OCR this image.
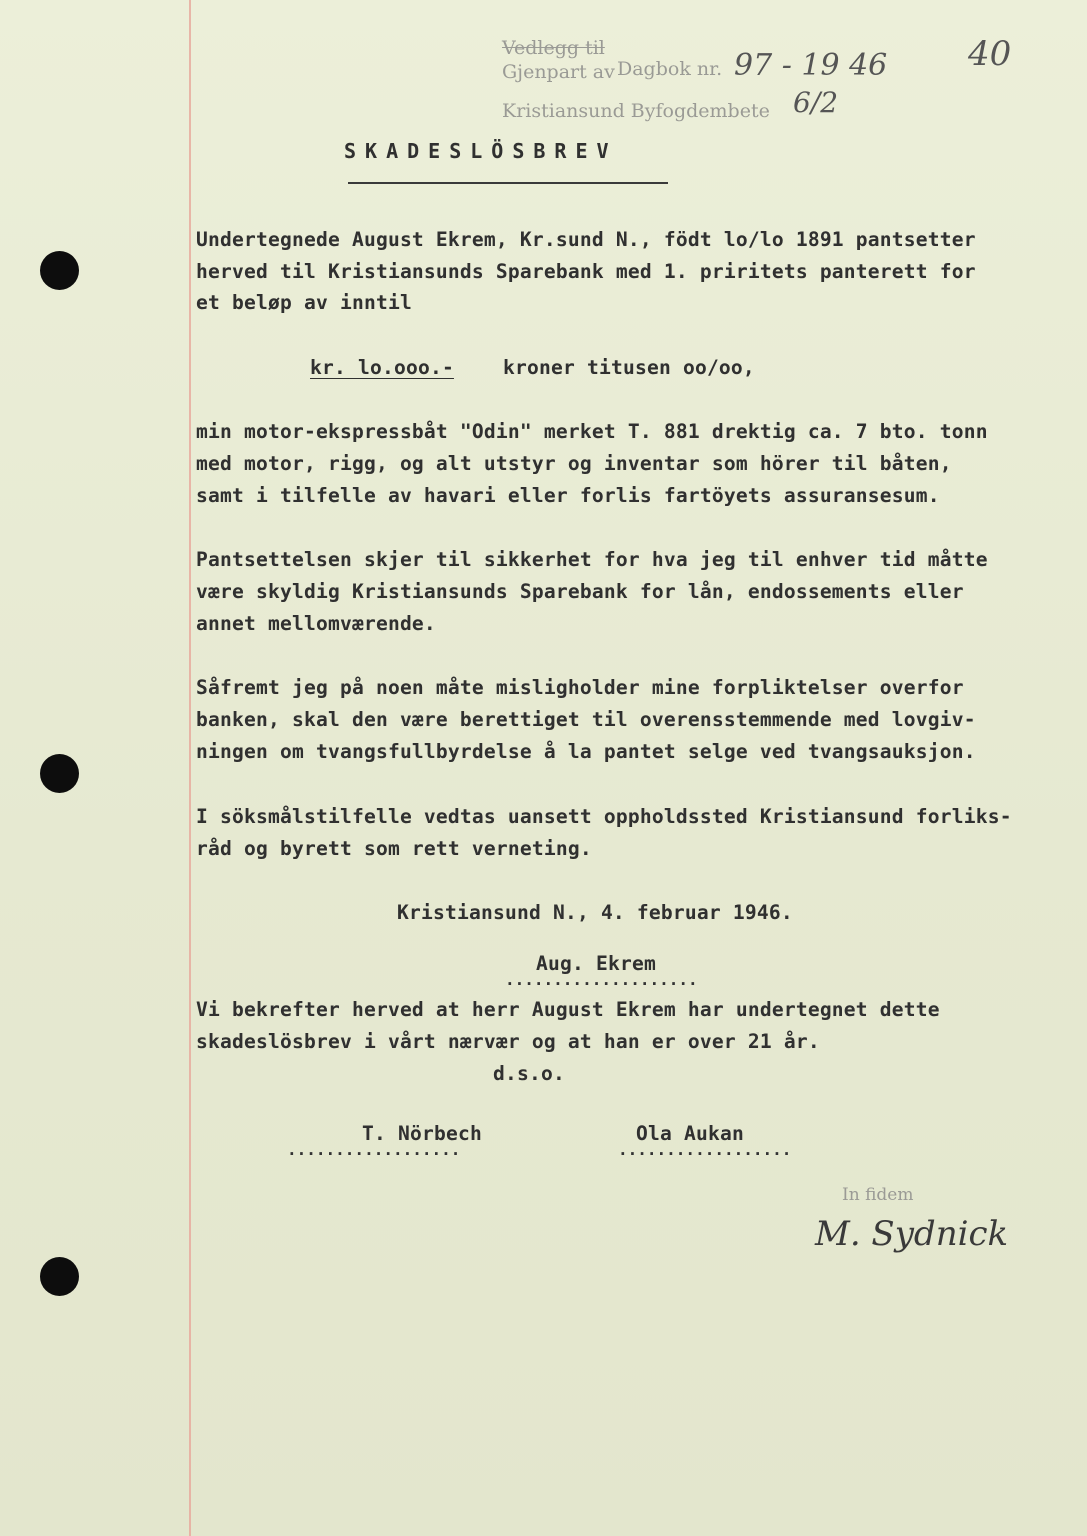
Vedlegg til
Gjenpart av Dagbok nr.
Kristiansund Byfogdembete
97 - 19 46
6/2
40
SKADESLÖSBREV
Undertegnede August Ekrem, Kr.sund N., födt lo/lo 1891 pantsetter
herved til Kristiansunds Sparebank med 1. priritets panterett for
et beløp av inntil
kr. lo.ooo.-	kroner titusen oo/oo,
min motor-ekspressbåt "Odin" merket T. 881 drektig ca. 7 bto. tonn
med motor, rigg, og alt utstyr og inventar som hörer til båten,
samt i tilfelle av havari eller forlis fartöyets assuransesum.
Pantsettelsen skjer til sikkerhet for hva jeg til enhver tid måtte
være skyldig Kristiansunds Sparebank for lån, endossements eller
annet mellomværende.
Såfremt jeg på noen måte misligholder mine forpliktelser overfor
banken, skal den være berettiget til overensstemmende med lovgiv-
ningen om tvangsfullbyrdelse å la pantet selge ved tvangsauksjon.
I söksmålstilfelle vedtas uansett oppholdssted Kristiansund forliks-
råd og byrett som rett verneting.
Kristiansund N., 4. februar 1946.
Aug. Ekrem
....................
Vi bekrefter herved at herr August Ekrem har undertegnet dette
skadeslösbrev i vårt nærvær og at han er over 21 år.
d.s.o.
T. Nörbech
..................
Ola Aukan
..................
In fidem
M. Sydnick
